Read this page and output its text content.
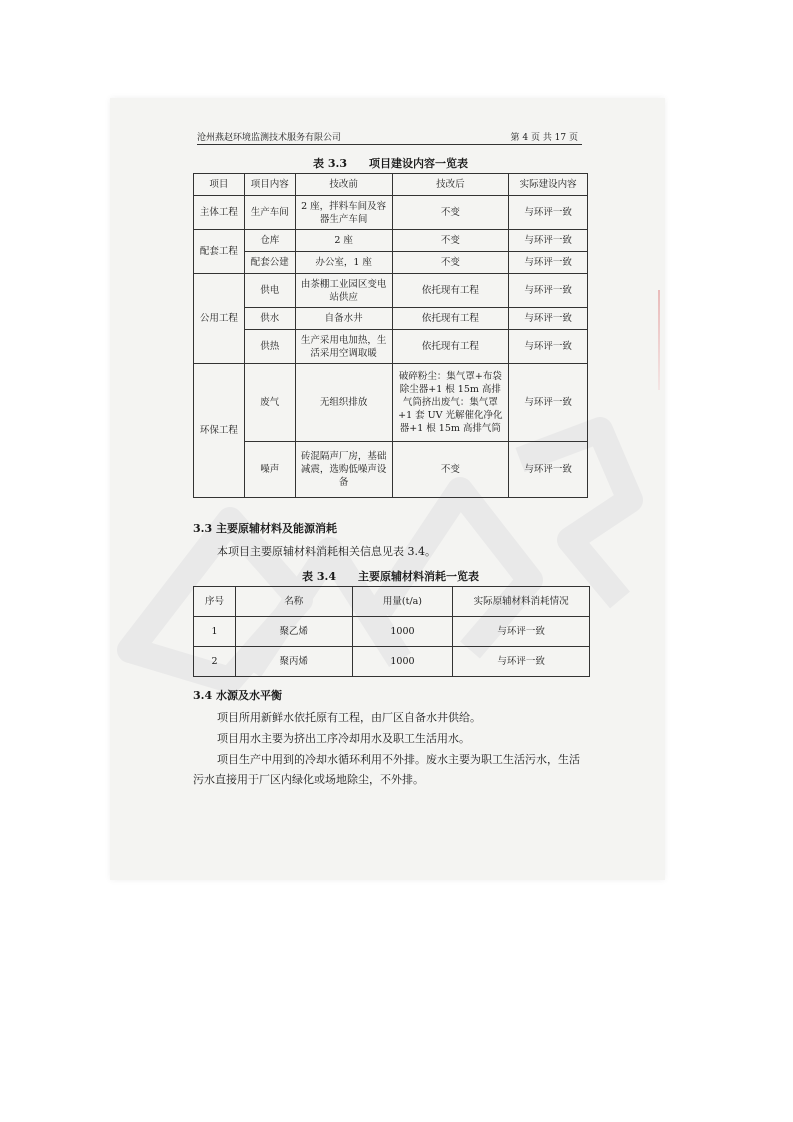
沧州燕赵环境监测技术服务有限公司	第 4 页 共 17 页
表 3.3　　项目建设内容一览表
项目	项目内容	技改前	技改后	实际建设内容
主体工程	生产车间	2 座，拌料车间及容器生产车间	不变	与环评一致
配套工程	仓库	2 座	不变	与环评一致
	配套公建	办公室，1 座	不变	与环评一致
公用工程	供电	由茶棚工业园区变电站供应	依托现有工程	与环评一致
	供水	自备水井	依托现有工程	与环评一致
	供热	生产采用电加热，生活采用空调取暖	依托现有工程	与环评一致
环保工程	废气	无组织排放	破碎粉尘：集气罩+布袋除尘器+1 根 15m 高排气筒挤出废气：集气罩+1 套 UV 光解催化净化器+1 根 15m 高排气筒	与环评一致
	噪声	砖混隔声厂房，基础减震，选购低噪声设备	不变	与环评一致
3.3 主要原辅材料及能源消耗

本项目主要原辅材料消耗相关信息见表 3.4。

表 3.4　　主要原辅材料消耗一览表
序号	名称	用量(t/a)	实际原辅材料消耗情况
1	聚乙烯	1000	与环评一致
2	聚丙烯	1000	与环评一致
3.4 水源及水平衡

项目所用新鲜水依托原有工程，由厂区自备水井供给。

项目用水主要为挤出工序冷却用水及职工生活用水。

项目生产中用到的冷却水循环利用不外排。废水主要为职工生活污水，生活污水直接用于厂区内绿化或场地除尘，不外排。
